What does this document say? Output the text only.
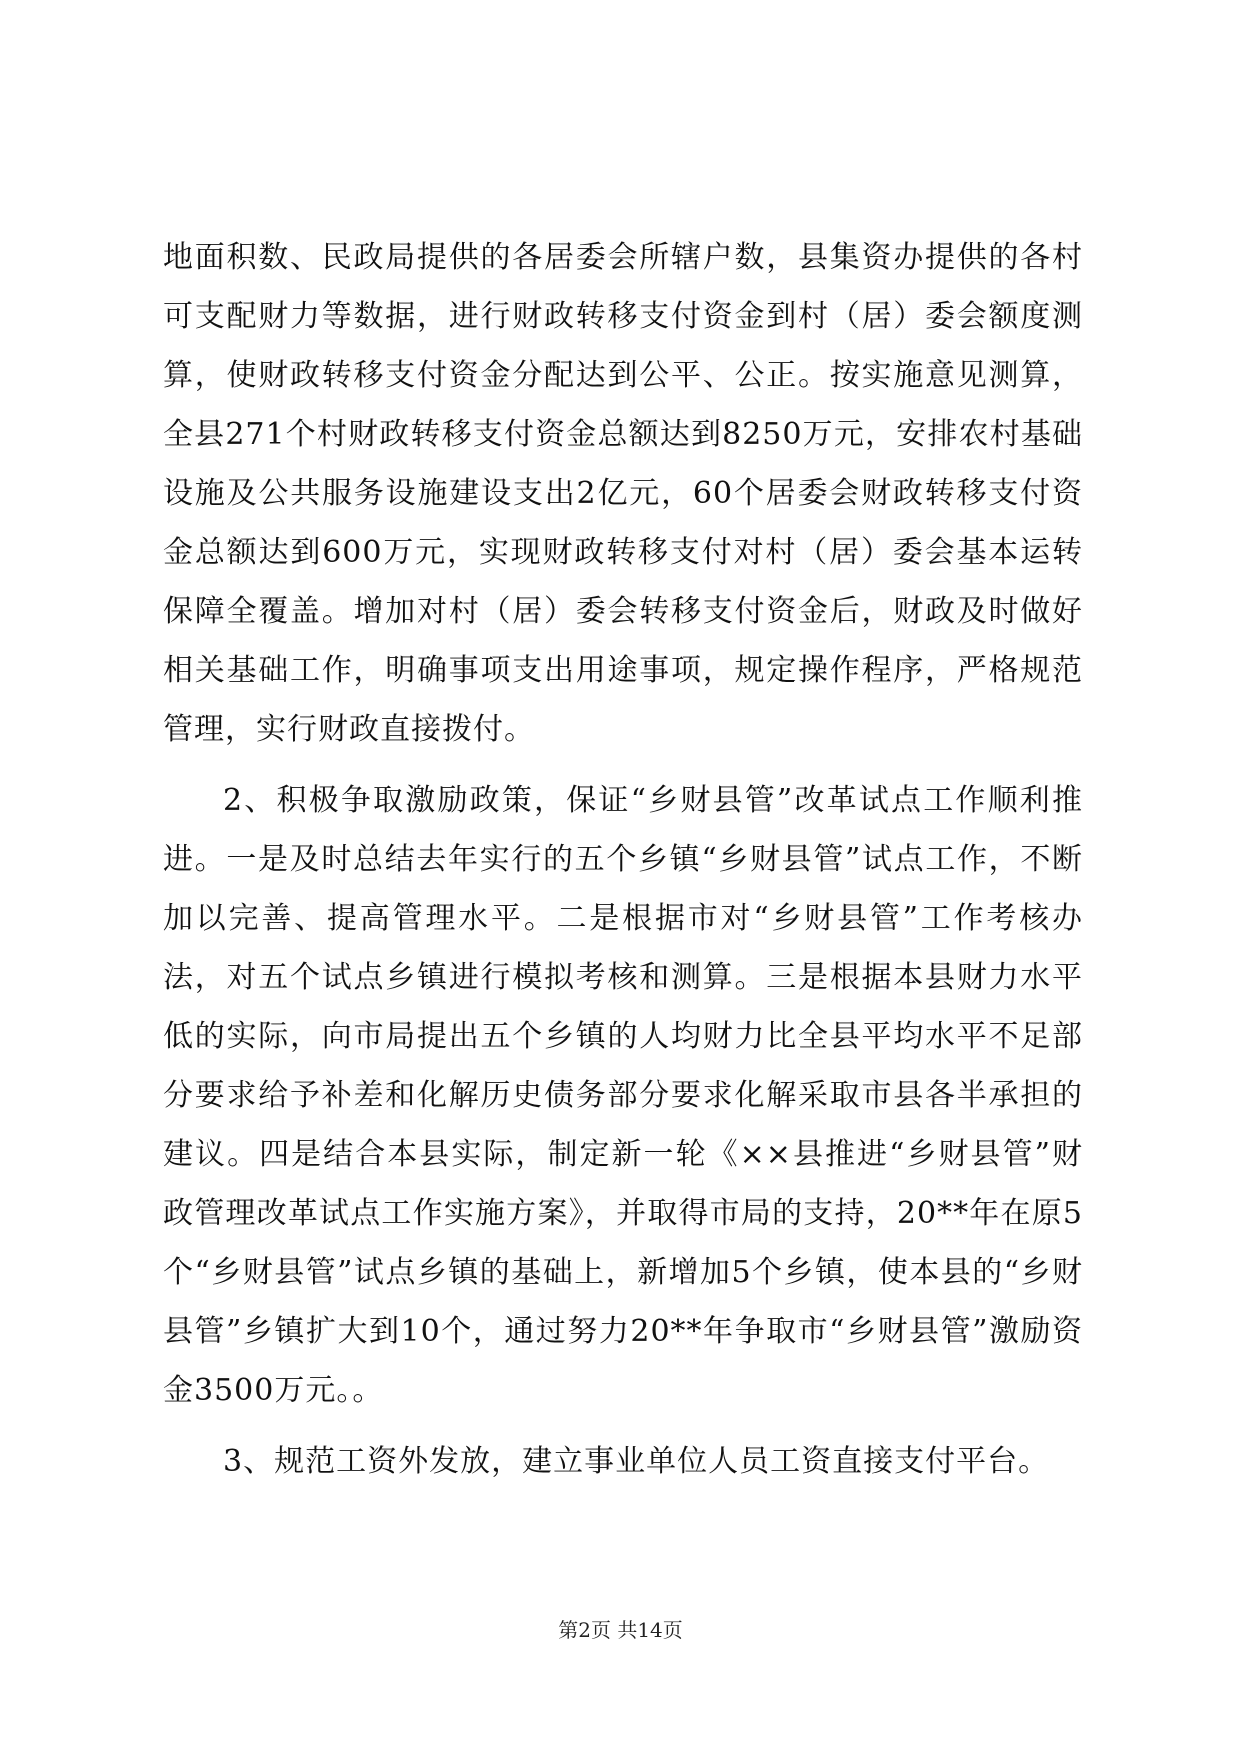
地面积数、民政局提供的各居委会所辖户数，县集资办提供的各村可支配财力等数据，进行财政转移支付资金到村（居）委会额度测算，使财政转移支付资金分配达到公平、公正。按实施意见测算，全县271个村财政转移支付资金总额达到8250万元，安排农村基础设施及公共服务设施建设支出2亿元，60个居委会财政转移支付资金总额达到600万元，实现财政转移支付对村（居）委会基本运转保障全覆盖。增加对村（居）委会转移支付资金后，财政及时做好相关基础工作，明确事项支出用途事项，规定操作程序，严格规范管理，实行财政直接拨付。

2、积极争取激励政策，保证“乡财县管”改革试点工作顺利推进。一是及时总结去年实行的五个乡镇“乡财县管”试点工作，不断加以完善、提高管理水平。二是根据市对“乡财县管”工作考核办法，对五个试点乡镇进行模拟考核和测算。三是根据本县财力水平低的实际，向市局提出五个乡镇的人均财力比全县平均水平不足部分要求给予补差和化解历史债务部分要求化解采取市县各半承担的建议。四是结合本县实际，制定新一轮《××县推进“乡财县管”财政管理改革试点工作实施方案》，并取得市局的支持，20**年在原5个“乡财县管”试点乡镇的基础上，新增加5个乡镇，使本县的“乡财县管”乡镇扩大到10个，通过努力20**年争取市“乡财县管”激励资金3500万元。。

3、规范工资外发放，建立事业单位人员工资直接支付平台。

第2页 共14页
